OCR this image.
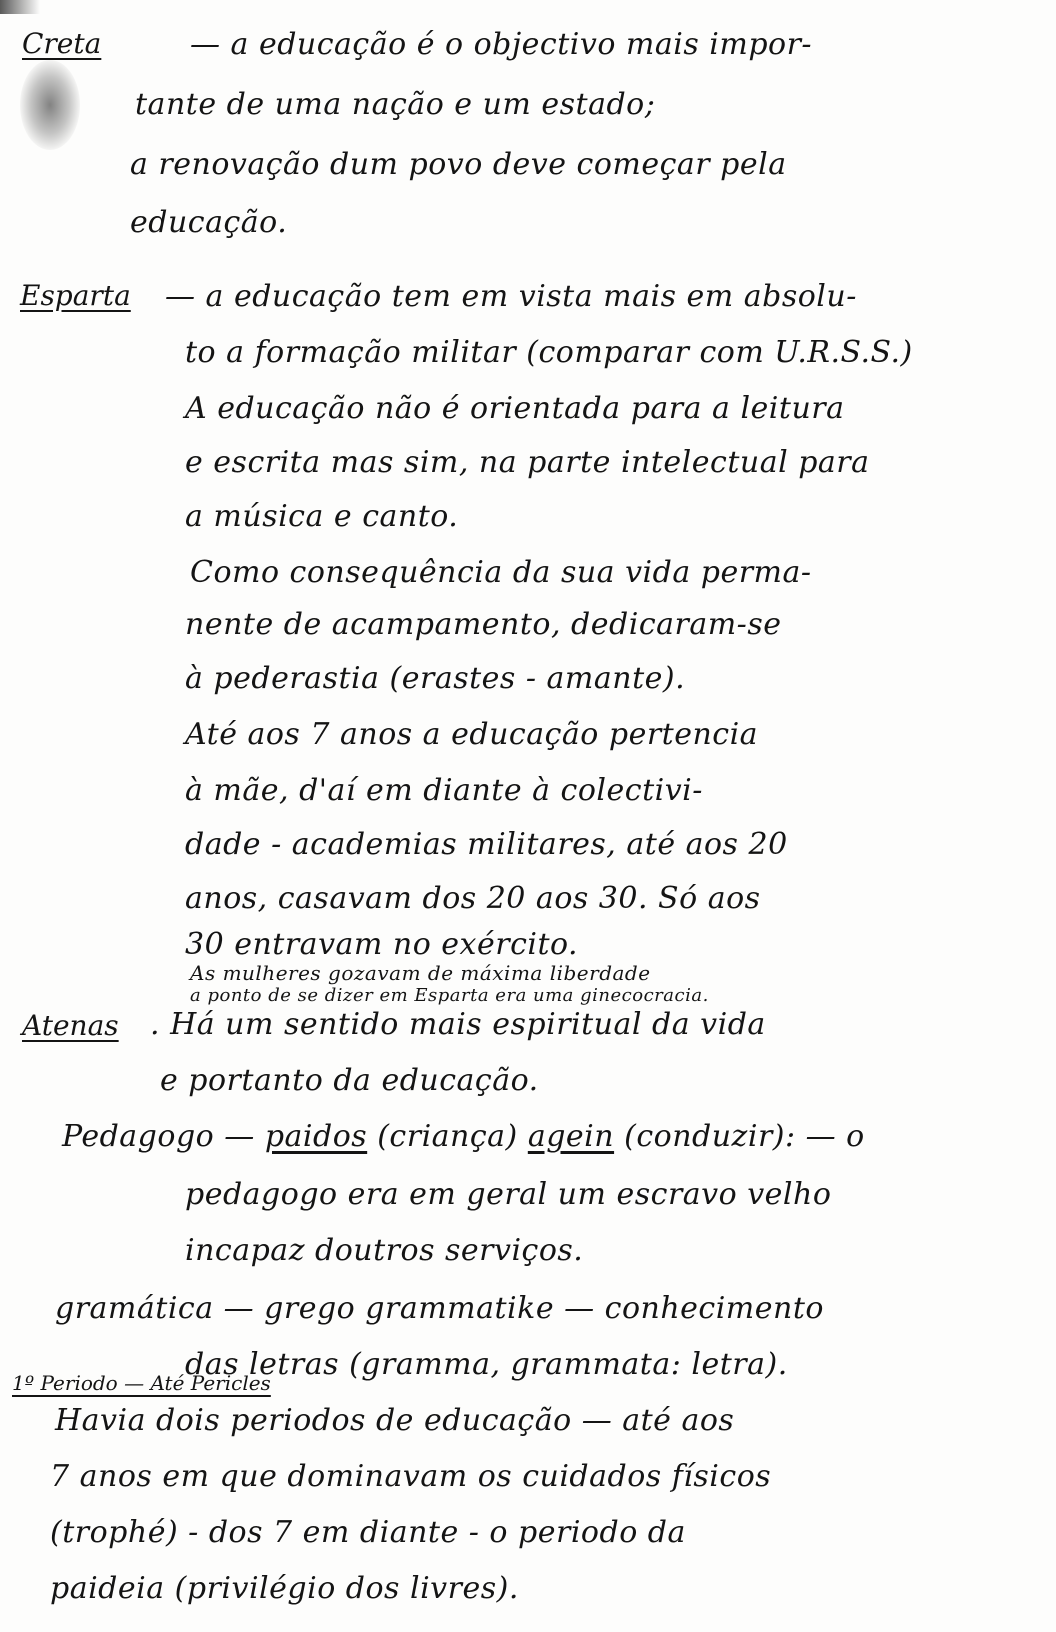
Creta	— a educação é o objectivo mais impor-
tante de uma nação e um estado;
a renovação dum povo deve começar pela
educação.
Esparta — a educação tem em vista mais em absolu-
to a formação militar (comparar com U.R.S.S.)
A educação não é orientada para a leitura
e escrita mas sim, na parte intelectual para
a música e canto.
Como consequência da sua vida perma-
nente de acampamento, dedicaram-se
à pederastia (erastes - amante).
Até aos 7 anos a educação pertencia
à mãe, d'aí em diante à colectivi-
dade - academias militares, até aos 20
anos, casavam dos 20 aos 30. Só aos
30 entravam no exército.
As mulheres gozavam de máxima liberdade
a ponto de se dizer em Esparta era uma ginecocracia.
Atenas . Há um sentido mais espiritual da vida
e portanto da educação.
Pedagogo — paidos (criança) agein (conduzir): — o
pedagogo era em geral um escravo velho
incapaz doutros serviços.
gramática — grego grammatike — conhecimento
das letras (gramma, grammata: letra).
1º Periodo — Até Pericles
Havia dois periodos de educação — até aos
7 anos em que dominavam os cuidados físicos
(trophé) - dos 7 em diante - o periodo da
paideia (privilégio dos livres).
